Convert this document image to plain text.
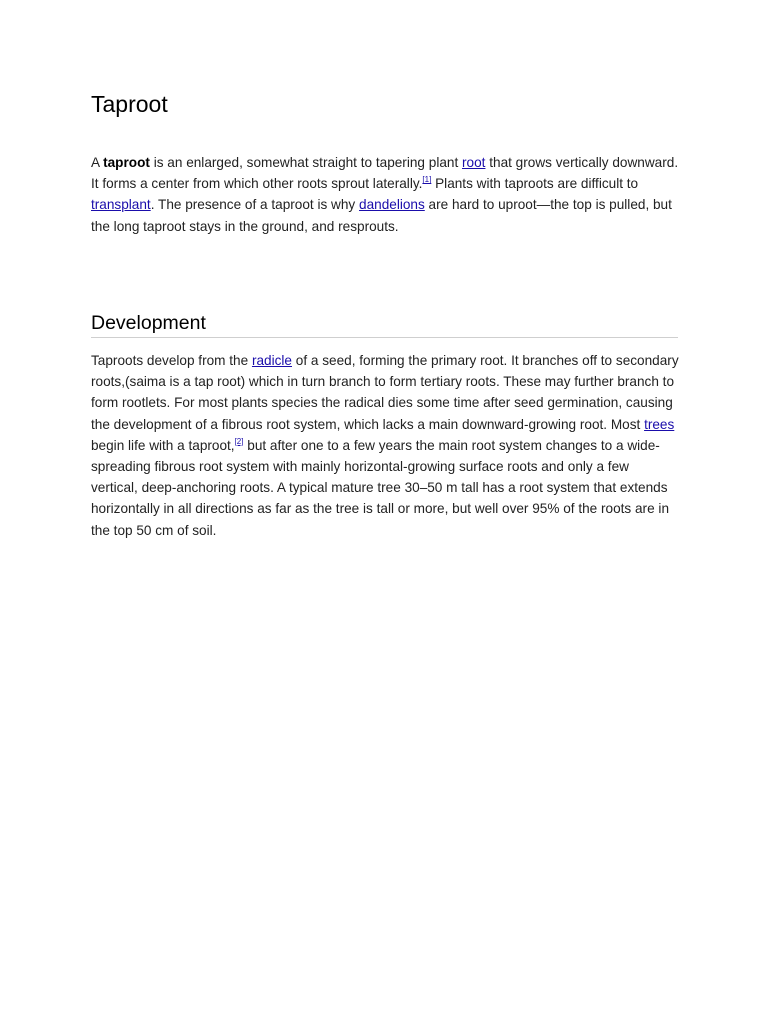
Taproot

A taproot is an enlarged, somewhat straight to tapering plant root that grows vertically downward. It forms a center from which other roots sprout laterally.[1] Plants with taproots are difficult to transplant. The presence of a taproot is why dandelions are hard to uproot—the top is pulled, but the long taproot stays in the ground, and resprouts.

Development

Taproots develop from the radicle of a seed, forming the primary root. It branches off to secondary roots,(saima is a tap root) which in turn branch to form tertiary roots. These may further branch to form rootlets. For most plants species the radical dies some time after seed germination, causing the development of a fibrous root system, which lacks a main downward-growing root. Most trees begin life with a taproot,[2] but after one to a few years the main root system changes to a wide-spreading fibrous root system with mainly horizontal-growing surface roots and only a few vertical, deep-anchoring roots. A typical mature tree 30–50 m tall has a root system that extends horizontally in all directions as far as the tree is tall or more, but well over 95% of the roots are in the top 50 cm of soil.
